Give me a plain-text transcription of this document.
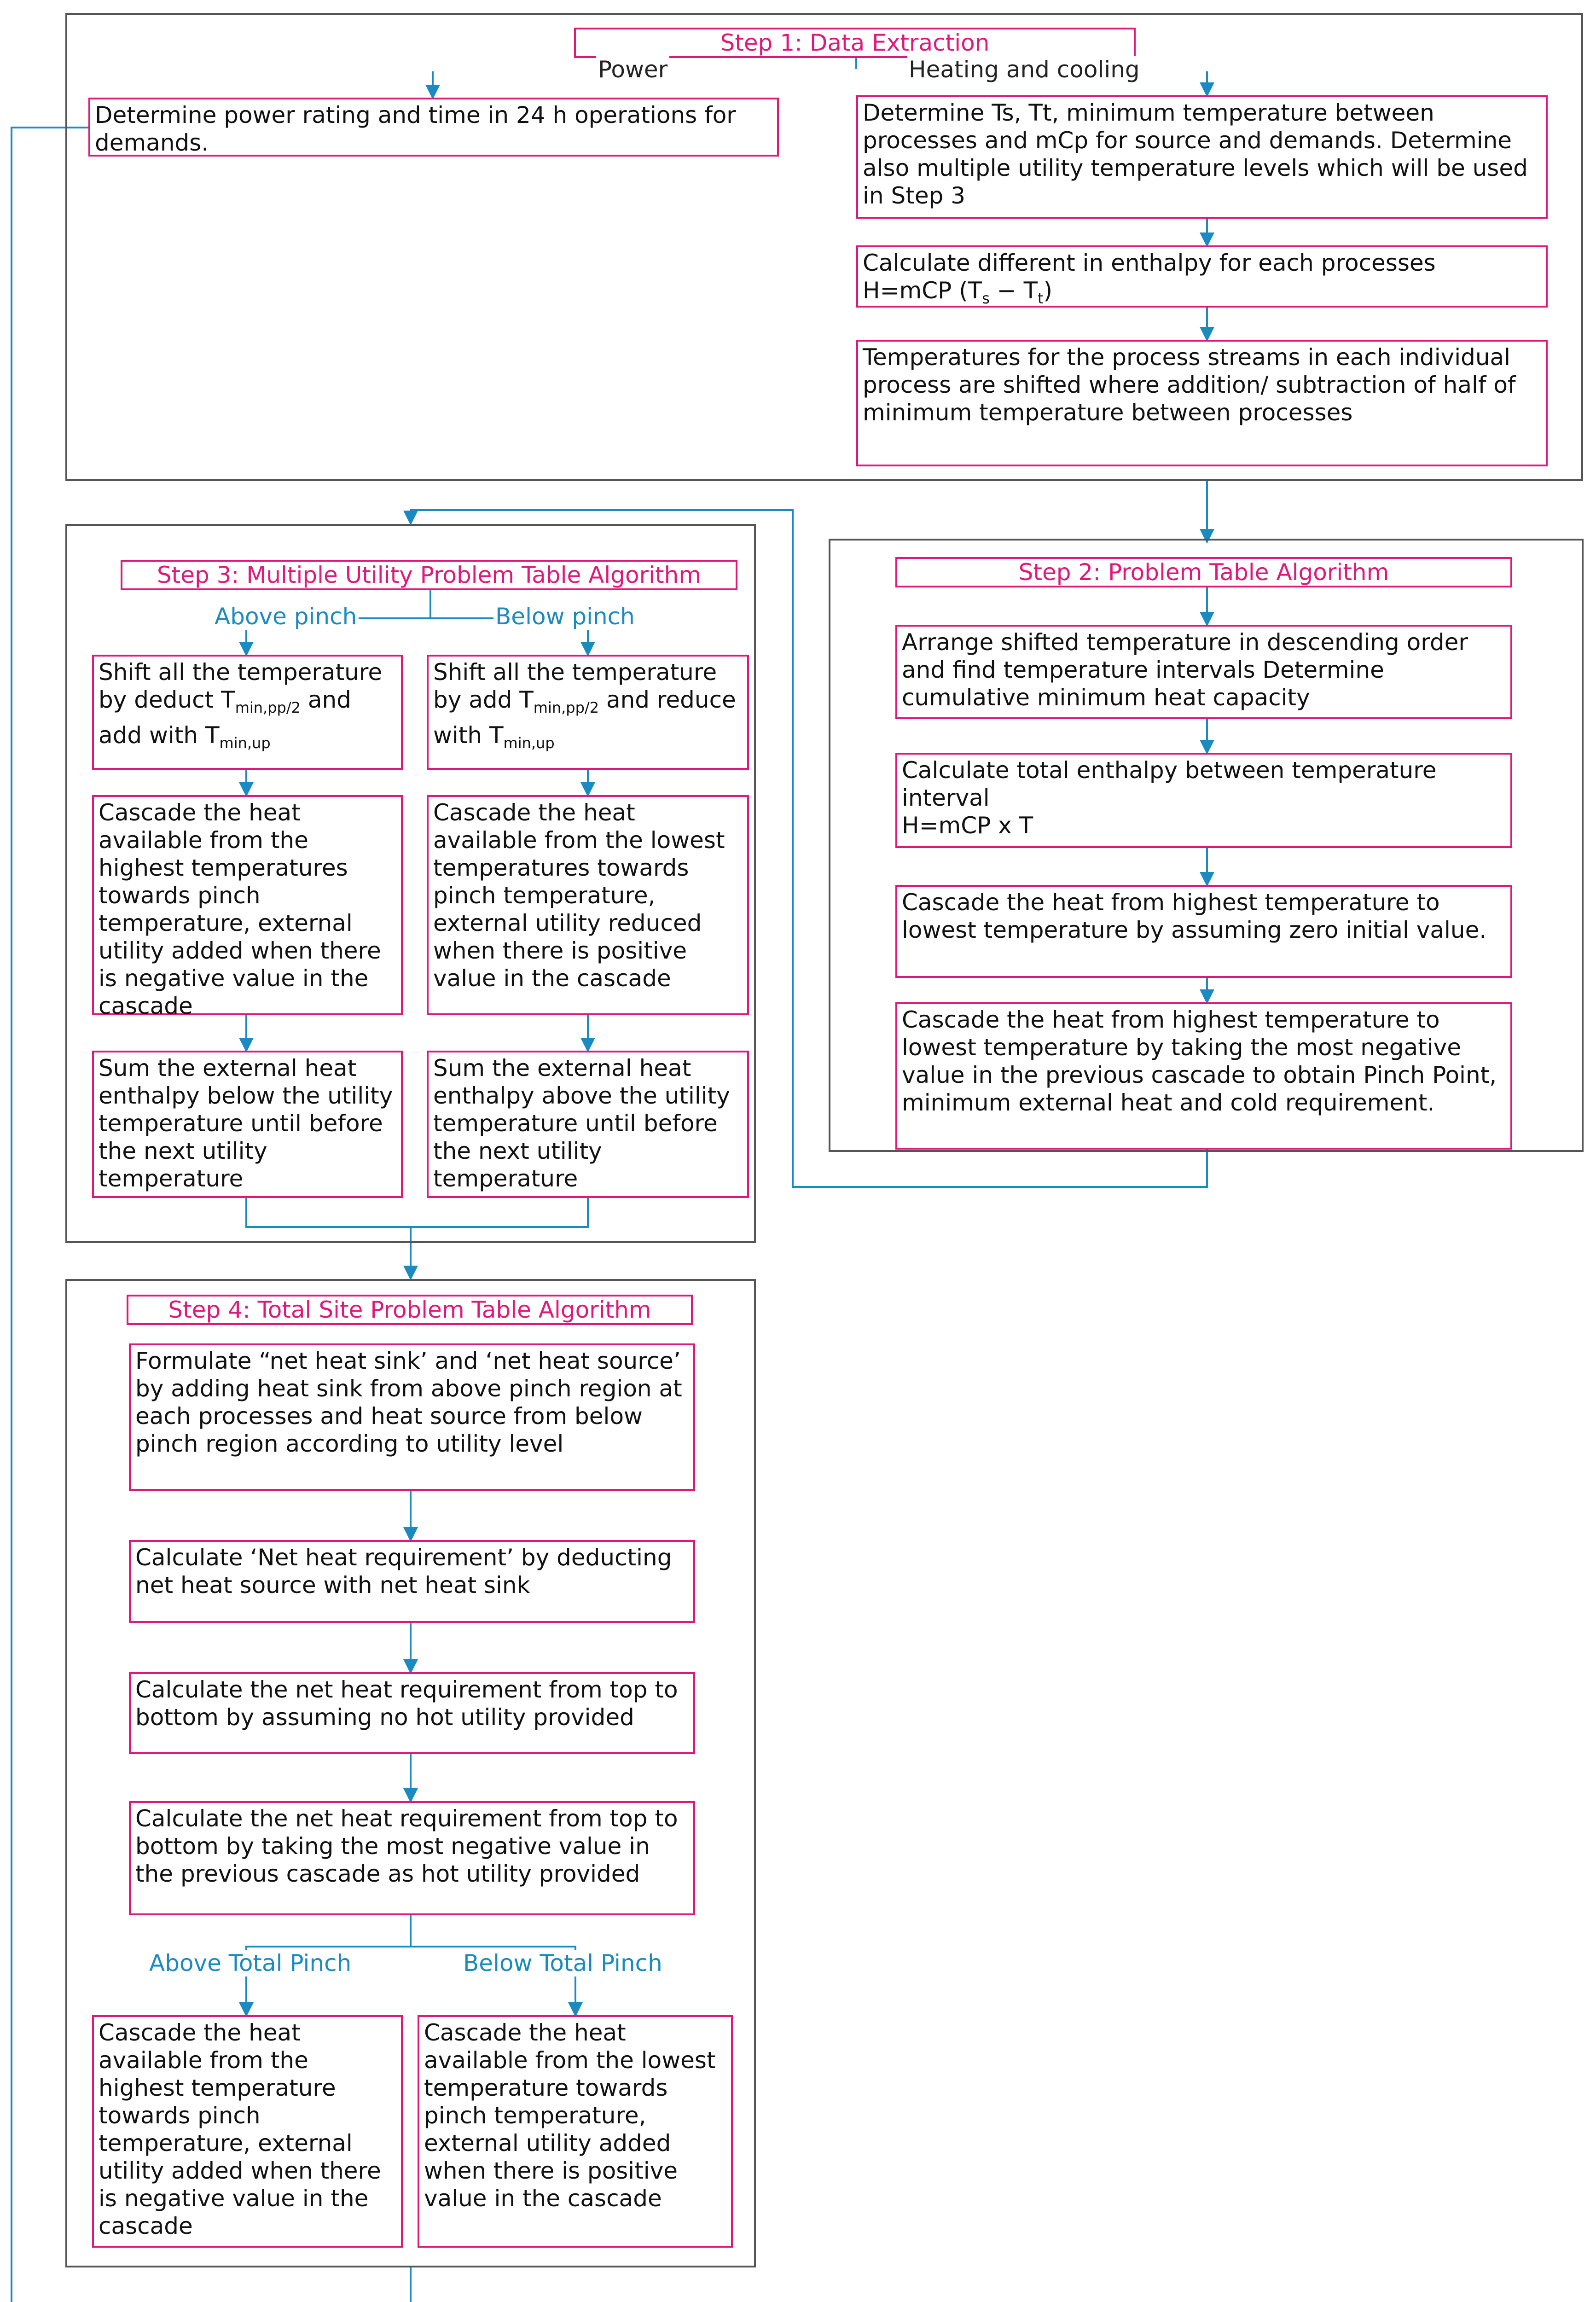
Step 1: Data Extraction
Power	Heating and cooling
Determine power rating and time in 24 h operations for demands.
Determine Ts, Tt, minimum temperature between processes and mCp for source and demands. Determine also multiple utility temperature levels which will be used in Step 3
Calculate different in enthalpy for each processes
H=mCP $(T_s - T_t)$
Temperatures for the process streams in each individual process are shifted where addition/ subtraction of half of minimum temperature between processes
Step 2: Problem Table Algorithm
Arrange shifted temperature in descending order and find temperature intervals Determine cumulative minimum heat capacity
Calculate total enthalpy between temperature interval
H=mCP x T
Cascade the heat from highest temperature to lowest temperature by assuming zero initial value.
Cascade the heat from highest temperature to lowest temperature by taking the most negative value in the previous cascade to obtain Pinch Point, minimum external heat and cold requirement.
Step 3: Multiple Utility Problem Table Algorithm
Above pinch	Below pinch
Shift all the temperature by deduct $T_{min,pp/2}$ and add with $T_{min,up}$
Shift all the temperature by add $T_{min,pp/2}$ and reduce with $T_{min,up}$
Cascade the heat available from the highest temperatures towards pinch temperature, external utility added when there is negative value in the cascade
Cascade the heat available from the lowest temperatures towards pinch temperature, external utility reduced when there is positive value in the cascade
Sum the external heat enthalpy below the utility temperature until before the next utility temperature
Sum the external heat enthalpy above the utility temperature until before the next utility temperature
Step 4: Total Site Problem Table Algorithm
Formulate “net heat sink’ and ‘net heat source’ by adding heat sink from above pinch region at each processes and heat source from below pinch region according to utility level
Calculate ‘Net heat requirement’ by deducting net heat source with net heat sink
Calculate the net heat requirement from top to bottom by assuming no hot utility provided
Calculate the net heat requirement from top to bottom by taking the most negative value in the previous cascade as hot utility provided
Above Total Pinch	Below Total Pinch
Cascade the heat available from the highest temperature towards pinch temperature, external utility added when there is negative value in the cascade
Cascade the heat available from the lowest temperature towards pinch temperature, external utility added when there is positive value in the cascade
